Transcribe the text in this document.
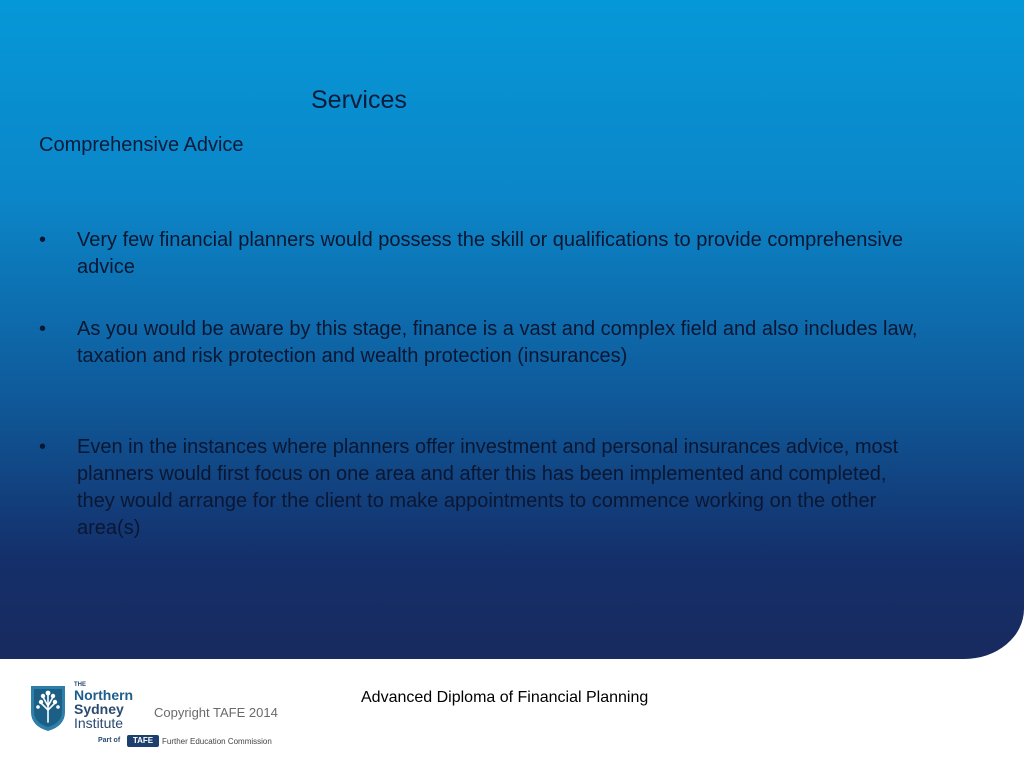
Services
Comprehensive Advice
•	Very few financial planners would possess the skill or qualifications to provide comprehensive advice
•	As you would be aware by this stage, finance is a vast and complex field and also includes law, taxation and risk protection and wealth protection (insurances)
•	Even in the instances where planners offer investment and personal insurances advice, most planners would first focus on one area and after this has been implemented and completed, they would arrange for the client to make appointments to commence working on the other area(s)
Advanced Diploma of Financial Planning
THE
Northern
Sydney
Institute
Part of	TAFE	Further Education Commission
Copyright TAFE 2014
